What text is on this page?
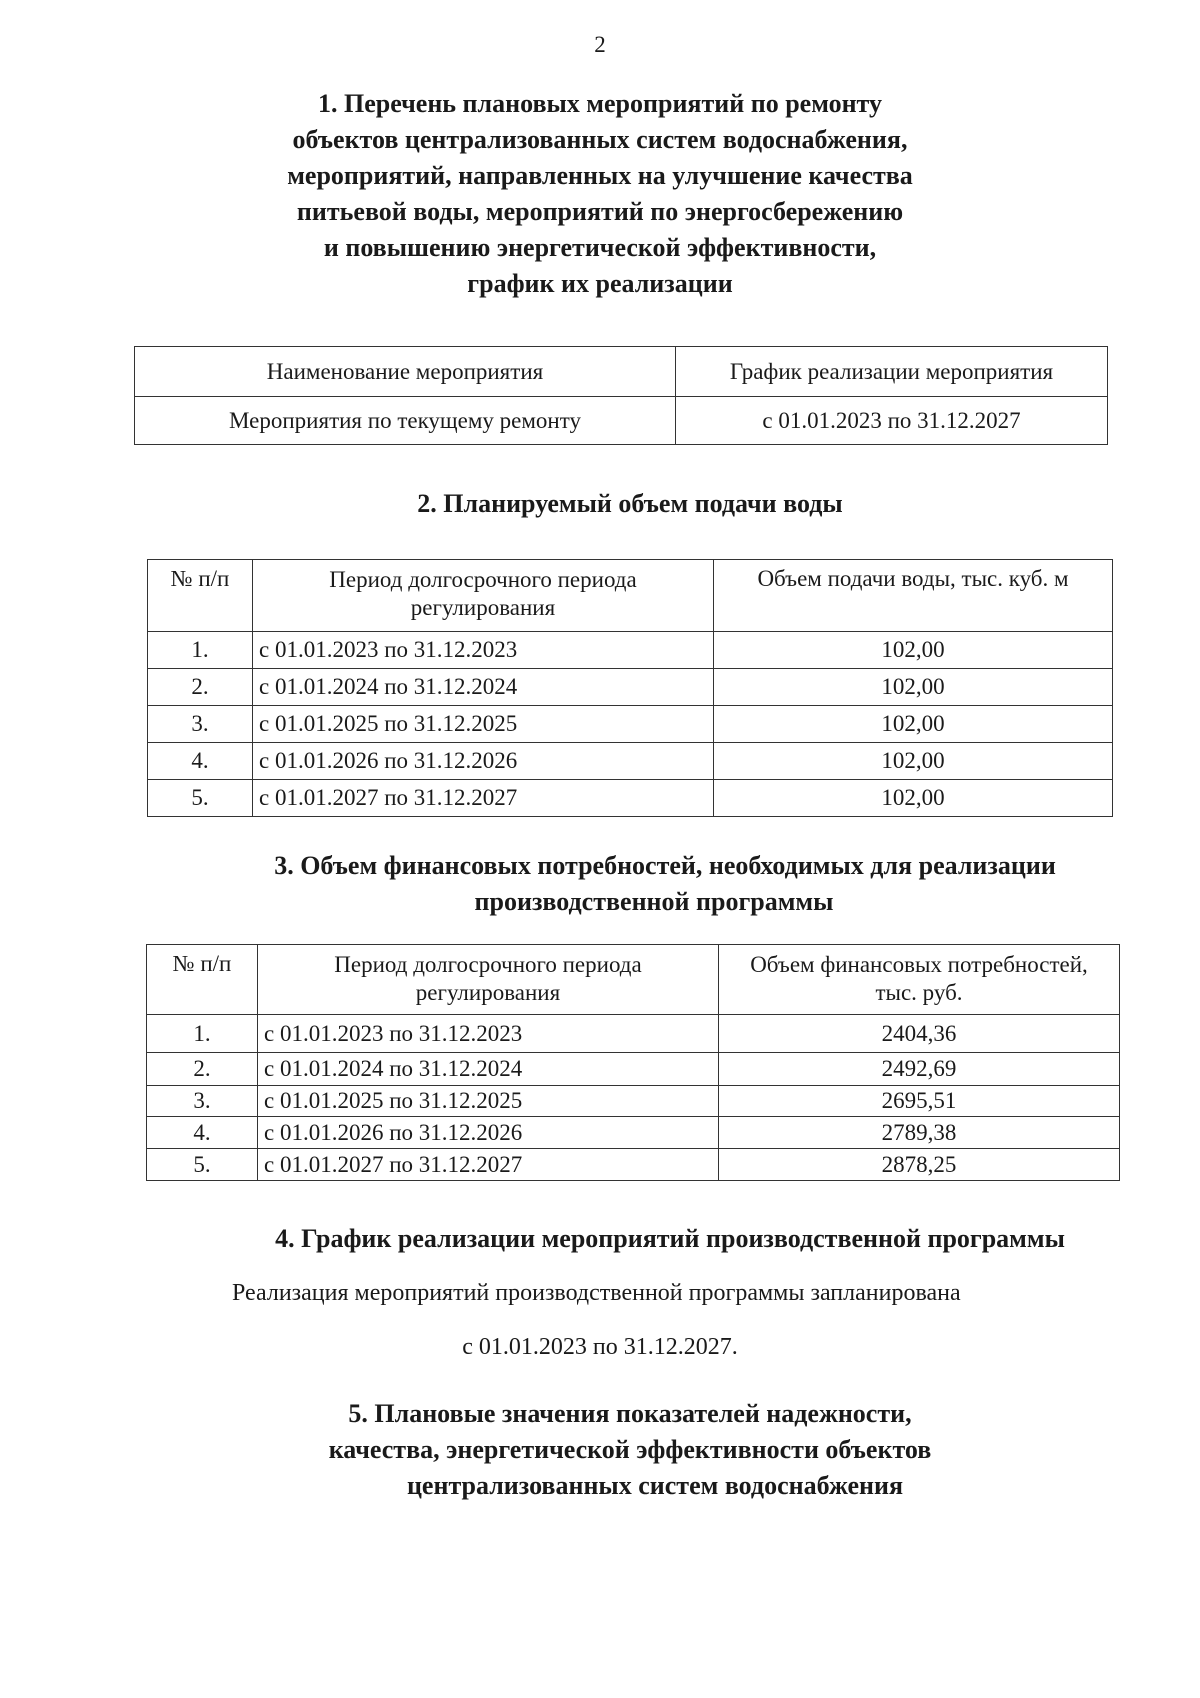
2
1. Перечень плановых мероприятий по ремонту
объектов централизованных систем водоснабжения,
мероприятий, направленных на улучшение качества
питьевой воды, мероприятий по энергосбережению
и повышению энергетической эффективности,
график их реализации
Наименование мероприятия	График реализации мероприятия
Мероприятия по текущему ремонту	с 01.01.2023 по 31.12.2027
2. Планируемый объем подачи воды
№ п/п	Период долгосрочного периода регулирования	Объем подачи воды, тыс. куб. м
1.	с 01.01.2023 по 31.12.2023	102,00
2.	с 01.01.2024 по 31.12.2024	102,00
3.	с 01.01.2025 по 31.12.2025	102,00
4.	с 01.01.2026 по 31.12.2026	102,00
5.	с 01.01.2027 по 31.12.2027	102,00
3. Объем финансовых потребностей, необходимых для реализации
производственной программы
№ п/п	Период долгосрочного периода регулирования	Объем финансовых потребностей, тыс. руб.
1.	с 01.01.2023 по 31.12.2023	2404,36
2.	с 01.01.2024 по 31.12.2024	2492,69
3.	с 01.01.2025 по 31.12.2025	2695,51
4.	с 01.01.2026 по 31.12.2026	2789,38
5.	с 01.01.2027 по 31.12.2027	2878,25
4. График реализации мероприятий производственной программы
Реализация мероприятий производственной программы запланирована
с 01.01.2023 по 31.12.2027.
5. Плановые значения показателей надежности,
качества, энергетической эффективности объектов
централизованных систем водоснабжения
